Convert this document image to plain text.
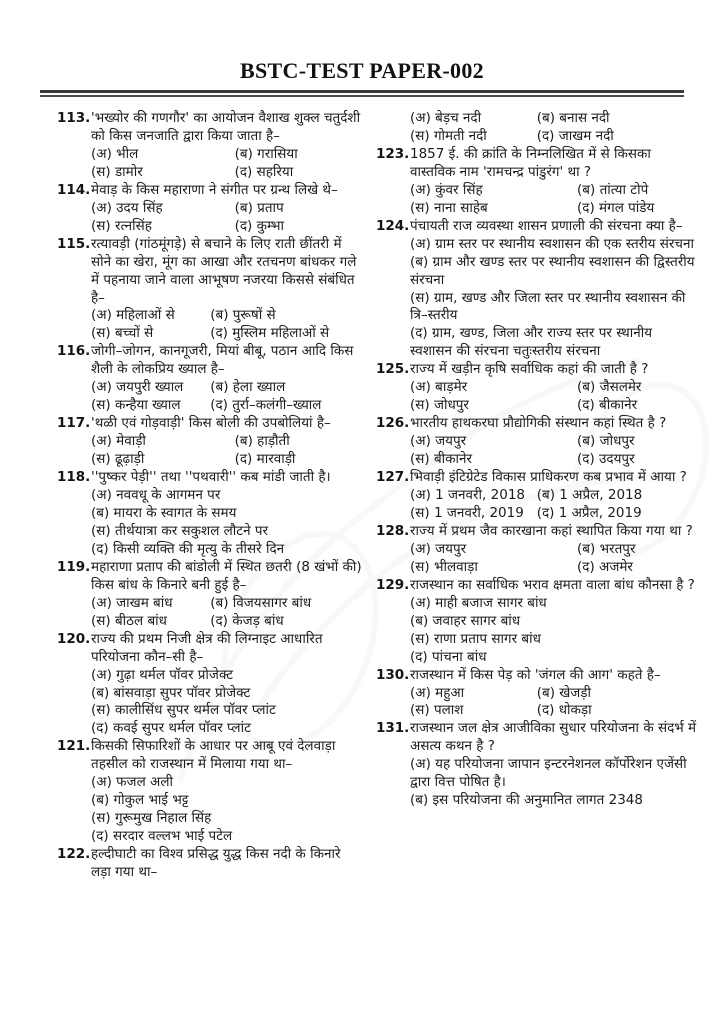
BSTC-TEST PAPER-002
113. 'भख्योर की गणगौर' का आयोजन वैशाख शुक्ल चतुर्दशी को किस जनजाति द्वारा किया जाता है–
(अ) भील	(ब) गरासिया
(स) डामोर	(द) सहरिया
114. मेवाड़ के किस महाराणा ने संगीत पर ग्रन्थ लिखे थे–
(अ) उदय सिंह	(ब) प्रताप
(स) रत्नसिंह	(द) कुम्भा
115. रत्यावड़ी (गांठमूंगड़े) से बचाने के लिए राती छींतरी में सोने का खेरा, मूंग का आखा और रतचनण बांधकर गले में पहनाया जाने वाला आभूषण नजरया किससे संबंधित है–
(अ) महिलाओं से	(ब) पुरूषों से
(स) बच्चों से	(द) मुस्लिम महिलाओं से
116. जोगी–जोगन, कानगूजरी, मियां बीबू, पठान आदि किस शैली के लोकप्रिय ख्याल है–
(अ) जयपुरी ख्याल	(ब) हेला ख्याल
(स) कन्हैया ख्याल	(द) तुर्रा–कलंगी–ख्याल
117. 'थळी एवं गोड़वाड़ी' किस बोली की उपबोलियां है–
(अ) मेवाड़ी	(ब) हाड़ौती
(स) ढूढ़ाड़ी	(द) मारवाड़ी
118. ''पुष्कर पेड़ी'' तथा ''पथवारी'' कब मांडी जाती है।
(अ) नववधू के आगमन पर
(ब) मायरा के स्वागत के समय
(स) तीर्थयात्रा कर सकुशल लौटने पर
(द) किसी व्यक्ति की मृत्यु के तीसरे दिन
119. महाराणा प्रताप की बांडोली में स्थित छतरी (8 खंभों की) किस बांध के किनारे बनी हुई है–
(अ) जाखम बांध	(ब) विजयसागर बांध
(स) बीठल बांध	(द) केजड़ बांध
120. राज्य की प्रथम निजी क्षेत्र की लिग्नाइट आधारित परियोजना कौन–सी है–
(अ) गुढ़ा थर्मल पॉवर प्रोजेक्ट
(ब) बांसवाड़ा सुपर पॉवर प्रोजेक्ट
(स) कालीसिंध सुपर थर्मल पॉवर प्लांट
(द) कवई सुपर थर्मल पॉवर प्लांट
121. किसकी सिफारिशों के आधार पर आबू एवं देलवाड़ा तहसील को राजस्थान में मिलाया गया था–
(अ) फजल अली
(ब) गोकुल भाई भट्ट
(स) गुरूमुख निहाल सिंह
(द) सरदार वल्लभ भाई पटेल
122. हल्दीघाटी का विश्व प्रसिद्ध युद्ध किस नदी के किनारे लड़ा गया था–
(अ) बेड़च नदी	(ब) बनास नदी
(स) गोमती नदी	(द) जाखम नदी
123. 1857 ई. की क्रांति के निम्नलिखित में से किसका वास्तविक नाम 'रामचन्द्र पांडुरंग' था ?
(अ) कुंवर सिंह	(ब) तांत्या टोपे
(स) नाना साहेब	(द) मंगल पांडेय
124. पंचायती राज व्यवस्था शासन प्रणाली की संरचना क्या है–
(अ) ग्राम स्तर पर स्थानीय स्वशासन की एक स्तरीय संरचना
(ब) ग्राम और खण्ड स्तर पर स्थानीय स्वशासन की द्विस्तरीय संरचना
(स) ग्राम, खण्ड और जिला स्तर पर स्थानीय स्वशासन की त्रि–स्तरीय
(द) ग्राम, खण्ड, जिला और राज्य स्तर पर स्थानीय स्वशासन की संरचना चतुःस्तरीय संरचना
125. राज्य में खड़ीन कृषि सर्वाधिक कहां की जाती है ?
(अ) बाड़मेर	(ब) जैसलमेर
(स) जोधपुर	(द) बीकानेर
126. भारतीय हाथकरघा प्रौद्योगिकी संस्थान कहां स्थित है ?
(अ) जयपुर	(ब) जोधपुर
(स) बीकानेर	(द) उदयपुर
127. भिवाड़ी इंटिग्रेटेड विकास प्राधिकरण कब प्रभाव में आया ?
(अ) 1 जनवरी, 2018 (ब) 1 अप्रैल, 2018
(स) 1 जनवरी, 2019 (द) 1 अप्रैल, 2019
128. राज्य में प्रथम जैव कारखाना कहां स्थापित किया गया था ?
(अ) जयपुर	(ब) भरतपुर
(स) भीलवाड़ा	(द) अजमेर
129. राजस्थान का सर्वाधिक भराव क्षमता वाला बांध कौनसा है ?
(अ) माही बजाज सागर बांध
(ब) जवाहर सागर बांध
(स) राणा प्रताप सागर बांध
(द) पांचना बांध
130. राजस्थान में किस पेड़ को 'जंगल की आग' कहते है–
(अ) महुआ	(ब) खेजड़ी
(स) पलाश	(द) धोकड़ा
131. राजस्थान जल क्षेत्र आजीविका सुधार परियोजना के संदर्भ में असत्य कथन है ?
(अ) यह परियोजना जापान इन्टरनेशनल कॉर्पोरेशन एजेंसी द्वारा वित्त पोषित है।
(ब) इस परियोजना की अनुमानित लागत 2348
